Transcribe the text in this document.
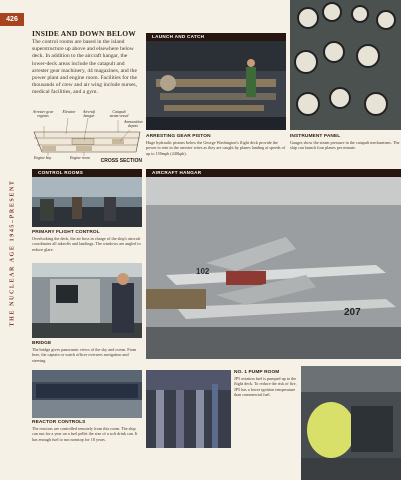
426
THE NUCLEAR AGE 1945–PRESENT
INSIDE AND DOWN BELOW
The control rooms are based in the island superstructure up above and elsewhere below deck. In addition to the aircraft hangar, the lower-deck areas include the catapult and arrester gear machinery, 44 magazines, and the power plant and engine room. Facilities for the thousands of crew and air wing include nurses, medical facilities, and a gym.
Arrester gear engines
Elevator	Aircraft hangar
Catapult steam vessel
Ammunition depots
Engine bay	Engine room CROSS SECTION
LAUNCH AND CATCH
ARRESTING GEAR PISTON
Huge hydraulic pistons below the George Washington's flight deck provide the power to rein in the arrester wires as they are caught by planes landing at speeds of up to 150mph (240kph).
INSTRUMENT PANEL
Gauges show the steam pressure in the catapult mechanisms. The ship can launch four planes per minute.
CONTROL ROOMS
PRIMARY FLIGHT CONTROL
Overlooking the deck, the air boss in charge of the ship's aircraft coordinates all takeoffs and landings. The windows are angled to reduce glare.
BRIDGE
The bridge gives panoramic views of the sky and ocean. From here, the captain or watch officer oversees navigation and steering.
REACTOR CONTROLS
The reactors are controlled remotely from this room. The ship can run for a year on a fuel pellet the size of a soft drink can. It has enough fuel to run nonstop for 18 years.
AIRCRAFT HANGAR
102
207
NO. 1 PUMP ROOM
JP5 aviation fuel is pumped up to the flight deck. To reduce the risk of fire, JP5 has a lower ignition temperature than commercial fuel.
